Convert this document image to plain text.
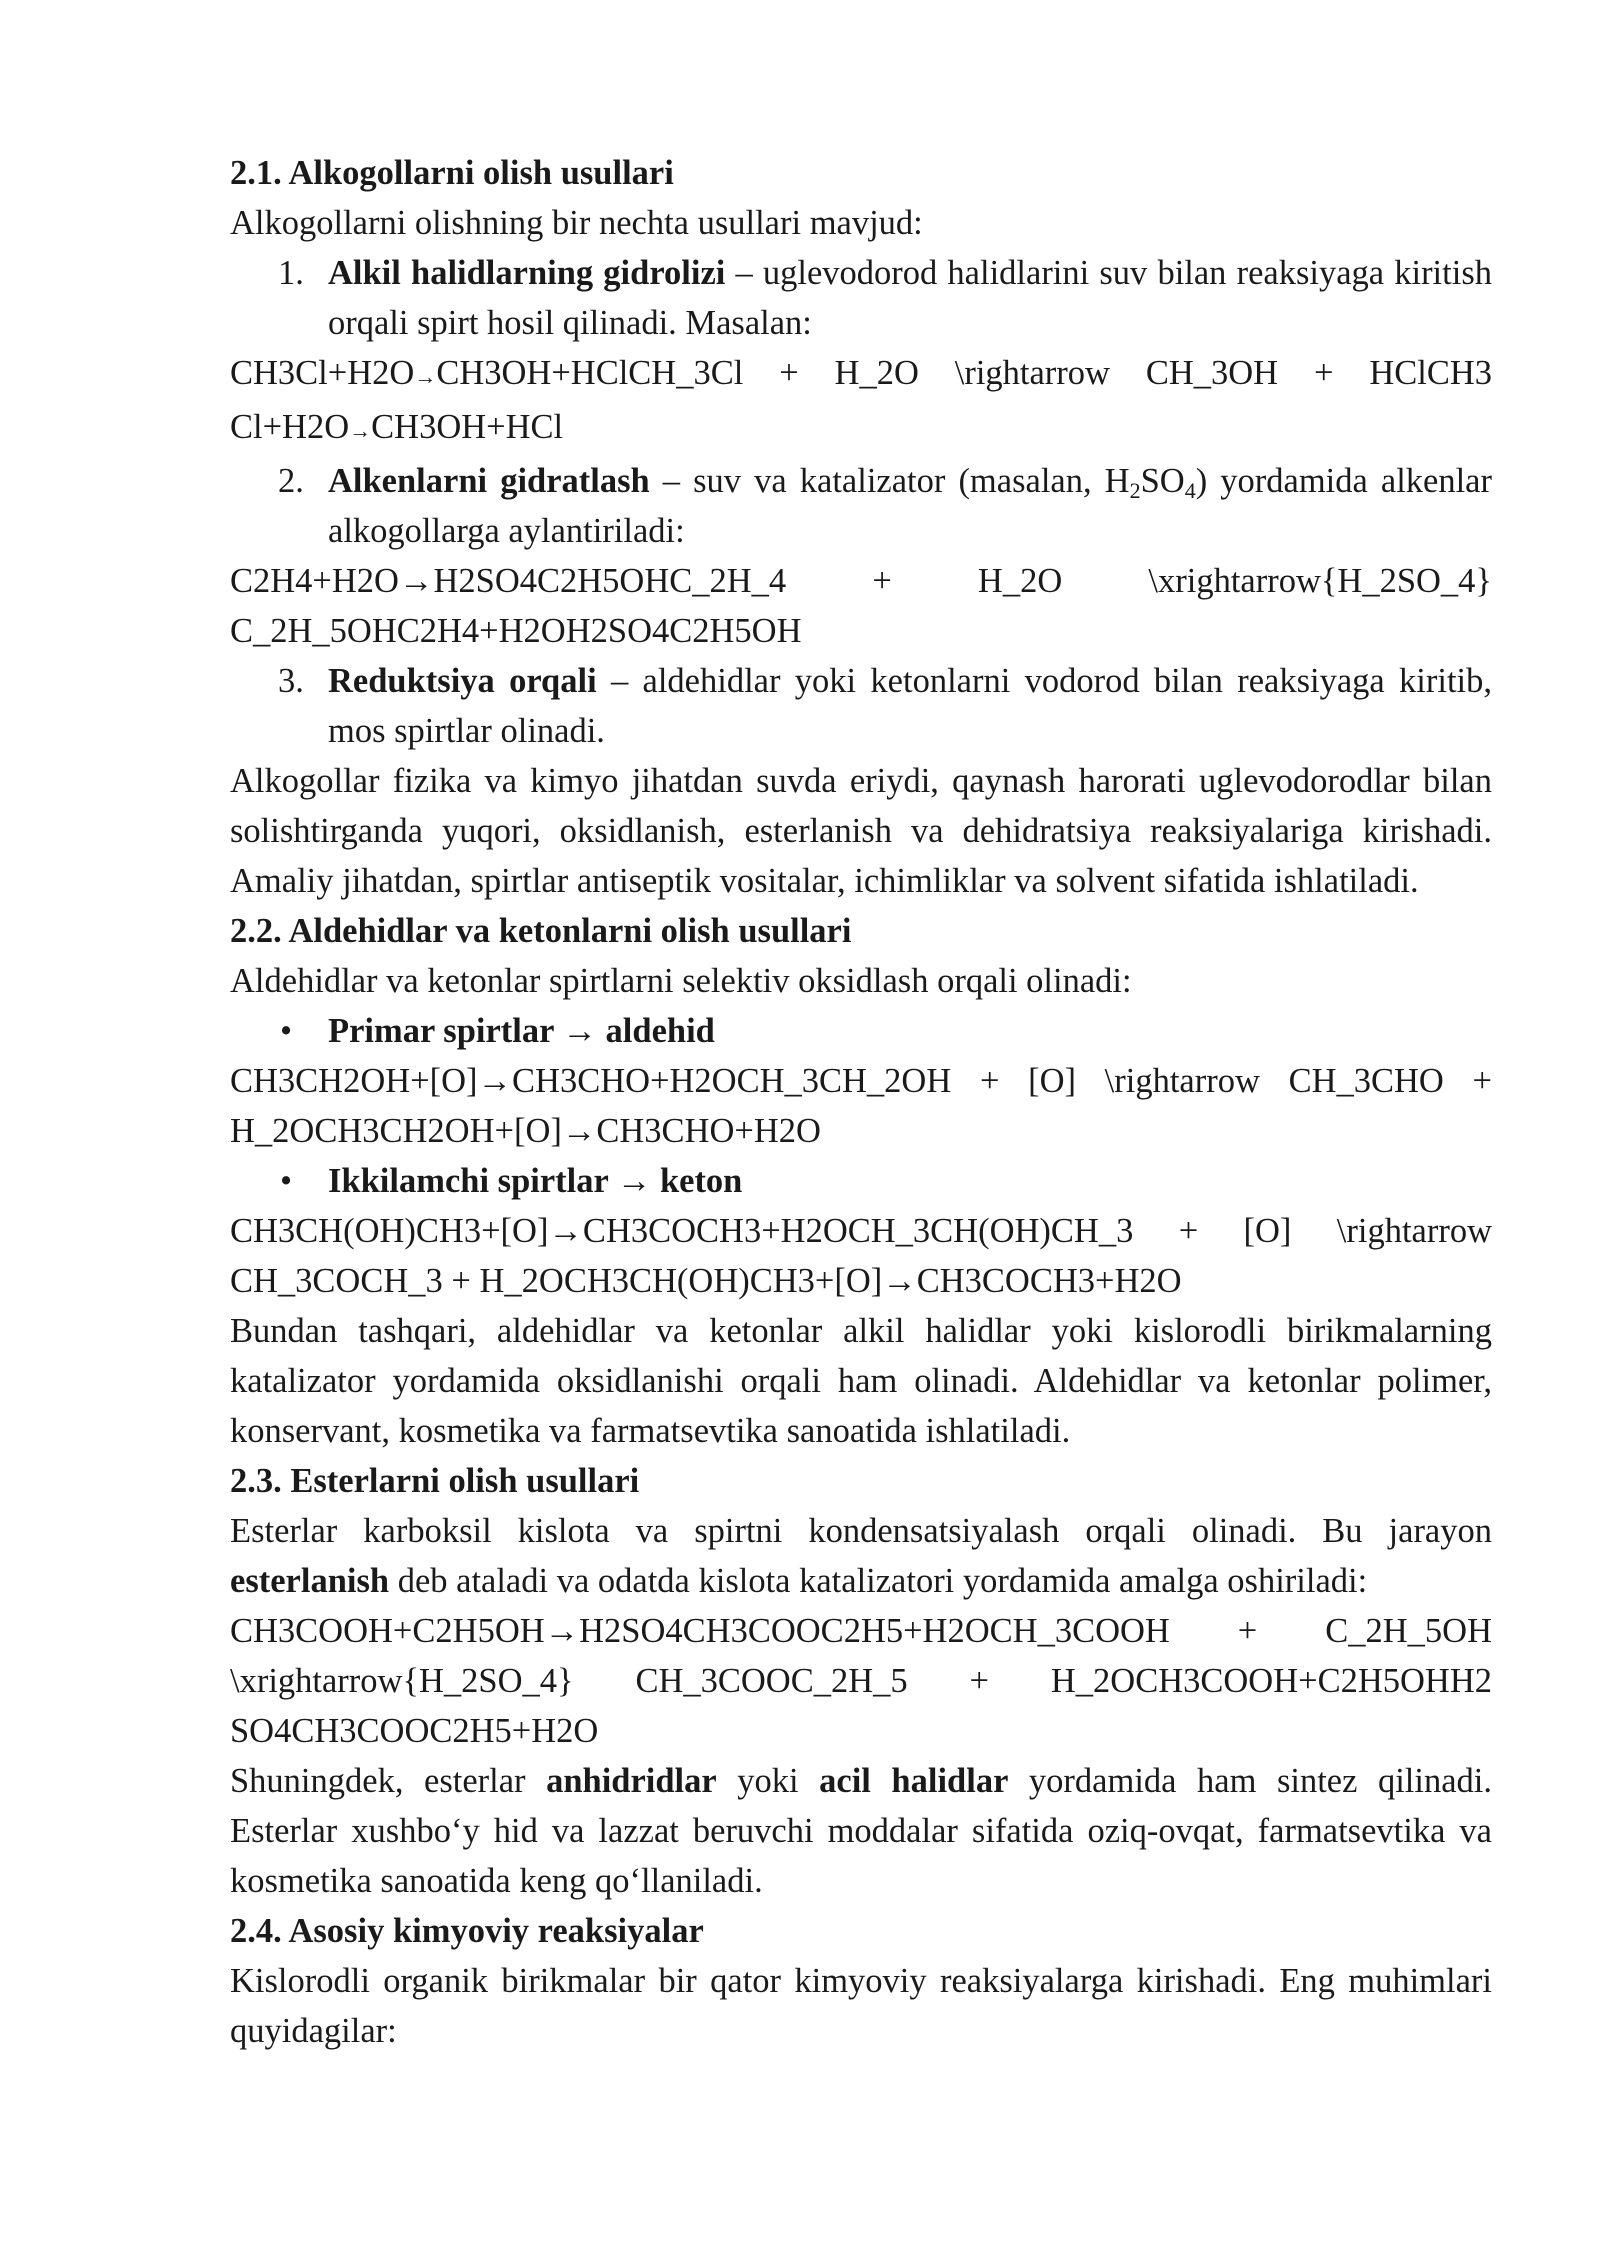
2.1. Alkogollarni olish usullari

Alkogollarni olishning bir nechta usullari mavjud:

1. Alkil halidlarning gidrolizi – uglevodorod halidlarini suv bilan reaksiyaga kiritish orqali spirt hosil qilinadi. Masalan:

CH3Cl+H2O→CH3OH+HClCH_3Cl + H_2O \rightarrow CH_3OH + HClCH3

Cl+H2O→CH3OH+HCl

2. Alkenlarni gidratlash – suv va katalizator (masalan, $H_2SO_4$) yordamida alkenlar alkogollarga aylantiriladi:

C2H4+H2O→H2SO4C2H5OHC_2H_4 + H_2O \xrightarrow{H_2SO_4}

C_2H_5OHC2H4+H2OH2SO4C2H5OH

3. Reduktsiya orqali – aldehidlar yoki ketonlarni vodorod bilan reaksiyaga kiritib, mos spirtlar olinadi.

Alkogollar fizika va kimyo jihatdan suvda eriydi, qaynash harorati uglevodorodlar bilan solishtirganda yuqori, oksidlanish, esterlanish va dehidratsiya reaksiyalariga kirishadi. Amaliy jihatdan, spirtlar antiseptik vositalar, ichimliklar va solvent sifatida ishlatiladi.

2.2. Aldehidlar va ketonlarni olish usullari

Aldehidlar va ketonlar spirtlarni selektiv oksidlash orqali olinadi:

• Primar spirtlar → aldehid

CH3CH2OH+[O]→CH3CHO+H2OCH_3CH_2OH + [O] \rightarrow CH_3CHO +
H_2OCH3CH2OH+[O]→CH3CHO+H2O

• Ikkilamchi spirtlar → keton

CH3CH(OH)CH3+[O]→CH3COCH3+H2OCH_3CH(OH)CH_3 + [O] \rightarrow
CH_3COCH_3 + H_2OCH3CH(OH)CH3+[O]→CH3COCH3+H2O

Bundan tashqari, aldehidlar va ketonlar alkil halidlar yoki kislorodli birikmalarning katalizator yordamida oksidlanishi orqali ham olinadi. Aldehidlar va ketonlar polimer, konservant, kosmetika va farmatsevtika sanoatida ishlatiladi.

2.3. Esterlarni olish usullari

Esterlar karboksil kislota va spirtni kondensatsiyalash orqali olinadi. Bu jarayon esterlanish deb ataladi va odatda kislota katalizatori yordamida amalga oshiriladi:

CH3COOH+C2H5OH→H2SO4CH3COOC2H5+H2OCH_3COOH + C_2H_5OH
\xrightarrow{H_2SO_4} CH_3COOC_2H_5 + H_2OCH3COOH+C2H5OHH2
SO4CH3COOC2H5+H2O

Shuningdek, esterlar anhidridlar yoki acil halidlar yordamida ham sintez qilinadi. Esterlar xushbo‘y hid va lazzat beruvchi moddalar sifatida oziq-ovqat, farmatsevtika va kosmetika sanoatida keng qo‘llaniladi.

2.4. Asosiy kimyoviy reaksiyalar

Kislorodli organik birikmalar bir qator kimyoviy reaksiyalarga kirishadi. Eng muhimlari quyidagilar:
